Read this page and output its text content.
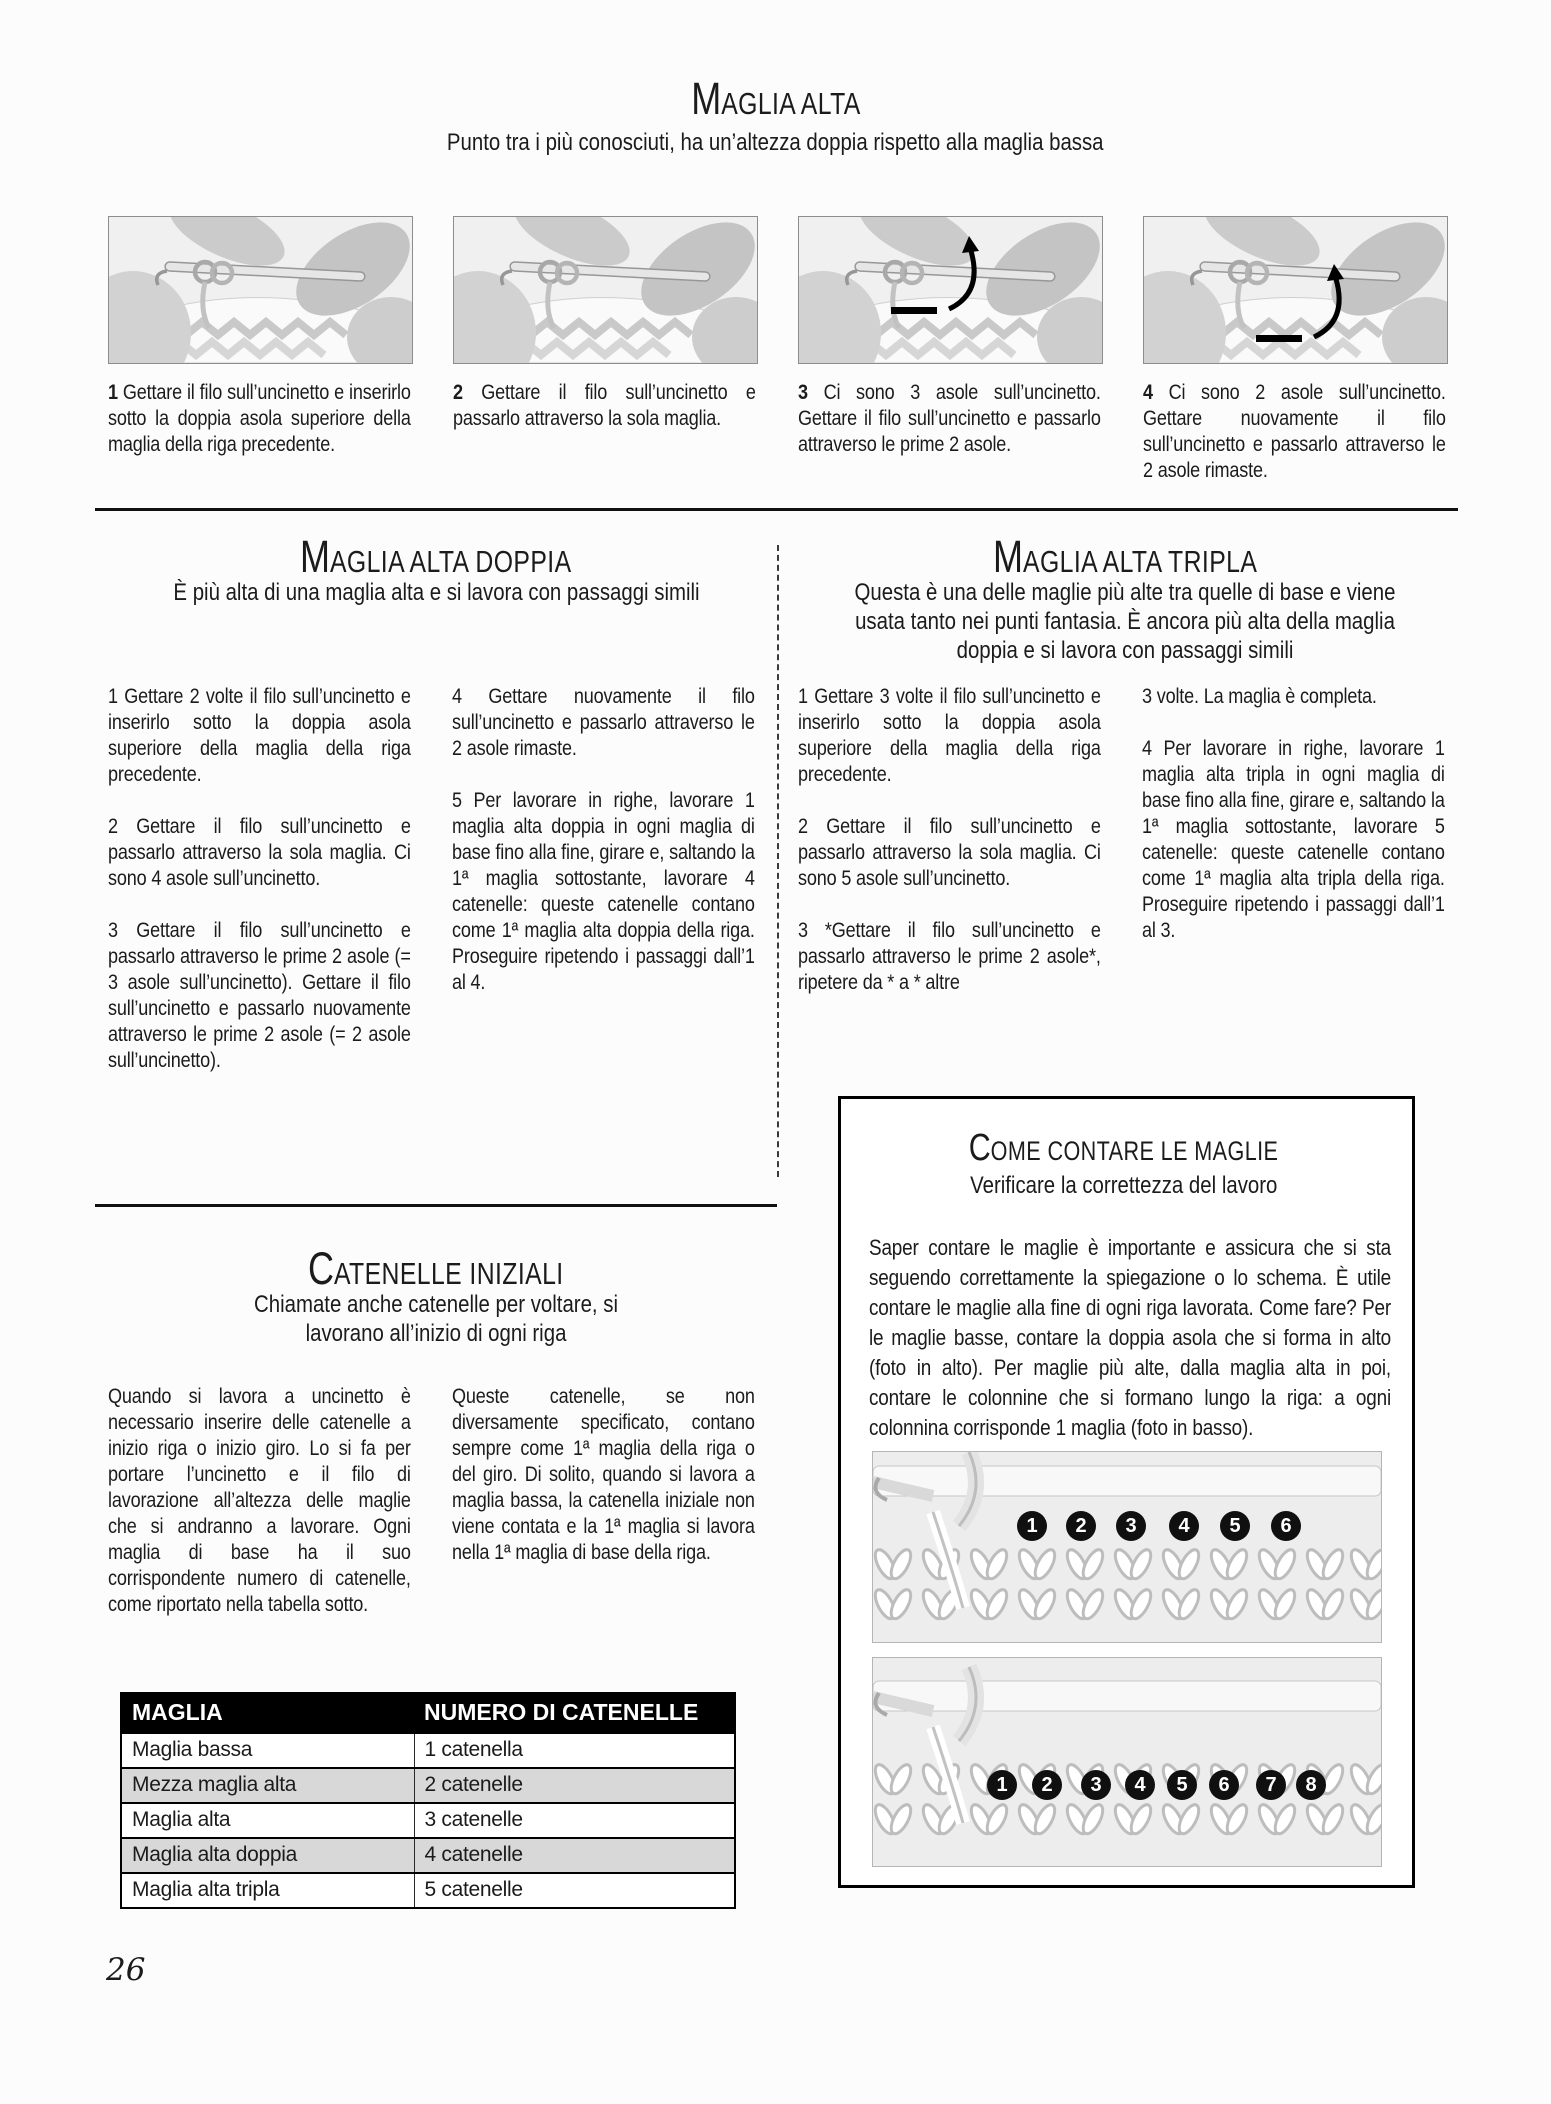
MAGLIA ALTA
Punto tra i più conosciuti, ha un’altezza doppia rispetto alla maglia bassa
1 Gettare il filo sull’uncinetto e inserirlo sotto la doppia asola superiore della maglia della riga precedente.
2 Gettare il filo sull’uncinetto e passarlo attraverso la sola maglia.
3 Ci sono 3 asole sull’uncinetto. Gettare il filo sull’uncinetto e passarlo attraverso le prime 2 asole.
4 Ci sono 2 asole sull’uncinetto. Gettare nuovamente il filo sull’uncinetto e passarlo attraverso le 2 asole rimaste.
MAGLIA ALTA DOPPIA
È più alta di una maglia alta e si lavora con passaggi simili

1 Gettare 2 volte il filo sull’uncinetto e inserirlo sotto la doppia asola superiore della maglia della riga precedente.

2 Gettare il filo sull’uncinetto e passarlo attraverso la sola maglia. Ci sono 4 asole sull’uncinetto.

3 Gettare il filo sull’uncinetto e passarlo attraverso le prime 2 asole (= 3 asole sull’uncinetto). Gettare il filo sull’uncinetto e passarlo nuovamente attraverso le prime 2 asole (= 2 asole sull’uncinetto).

4 Gettare nuovamente il filo sull’uncinetto e passarlo attraverso le 2 asole rimaste.

5 Per lavorare in righe, lavorare 1 maglia alta doppia in ogni maglia di base fino alla fine, girare e, saltando la 1ª maglia sottostante, lavorare 4 catenelle: queste catenelle contano come 1ª maglia alta doppia della riga. Proseguire ripetendo i passaggi dall’1 al 4.

MAGLIA ALTA TRIPLA
Questa è una delle maglie più alte tra quelle di base e viene usata tanto nei punti fantasia. È ancora più alta della maglia doppia e si lavora con passaggi simili

1 Gettare 3 volte il filo sull’uncinetto e inserirlo sotto la doppia asola superiore della maglia della riga precedente.

2 Gettare il filo sull’uncinetto e passarlo attraverso la sola maglia. Ci sono 5 asole sull’uncinetto.

3 *Gettare il filo sull’uncinetto e passarlo attraverso le prime 2 asole*, ripetere da * a * altre

3 volte. La maglia è completa.

4 Per lavorare in righe, lavorare 1 maglia alta tripla in ogni maglia di base fino alla fine, girare e, saltando la 1ª maglia sottostante, lavorare 5 catenelle: queste catenelle contano come 1ª maglia alta tripla della riga. Proseguire ripetendo i passaggi dall’1 al 3.

CATENELLE INIZIALI
Chiamate anche catenelle per voltare, si lavorano all’inizio di ogni riga

Quando si lavora a uncinetto è necessario inserire delle catenelle a inizio riga o inizio giro. Lo si fa per portare l’uncinetto e il filo di lavorazione all’altezza delle maglie che si andranno a lavorare. Ogni maglia di base ha il suo corrispondente numero di catenelle, come riportato nella tabella sotto.

Queste catenelle, se non diversamente specificato, contano sempre come 1ª maglia della riga o del giro. Di solito, quando si lavora a maglia bassa, la catenella iniziale non viene contata e la 1ª maglia si lavora nella 1ª maglia di base della riga.

MAGLIA	NUMERO DI CATENELLE
Maglia bassa	1 catenella
Mezza maglia alta	2 catenelle
Maglia alta	3 catenelle
Maglia alta doppia	4 catenelle
Maglia alta tripla	5 catenelle
COME CONTARE LE MAGLIE
Verificare la correttezza del lavoro
Saper contare le maglie è importante e assicura che si sta seguendo correttamente la spiegazione o lo schema. È utile contare le maglie alla fine di ogni riga lavorata. Come fare? Per le maglie basse, contare la doppia asola che si forma in alto (foto in alto). Per maglie più alte, dalla maglia alta in poi, contare le colonnine che si formano lungo la riga: a ogni colonnina corrisponde 1 maglia (foto in basso).
1	2	3	4	5	6
1	2	3	4	5	6	7	8
26
